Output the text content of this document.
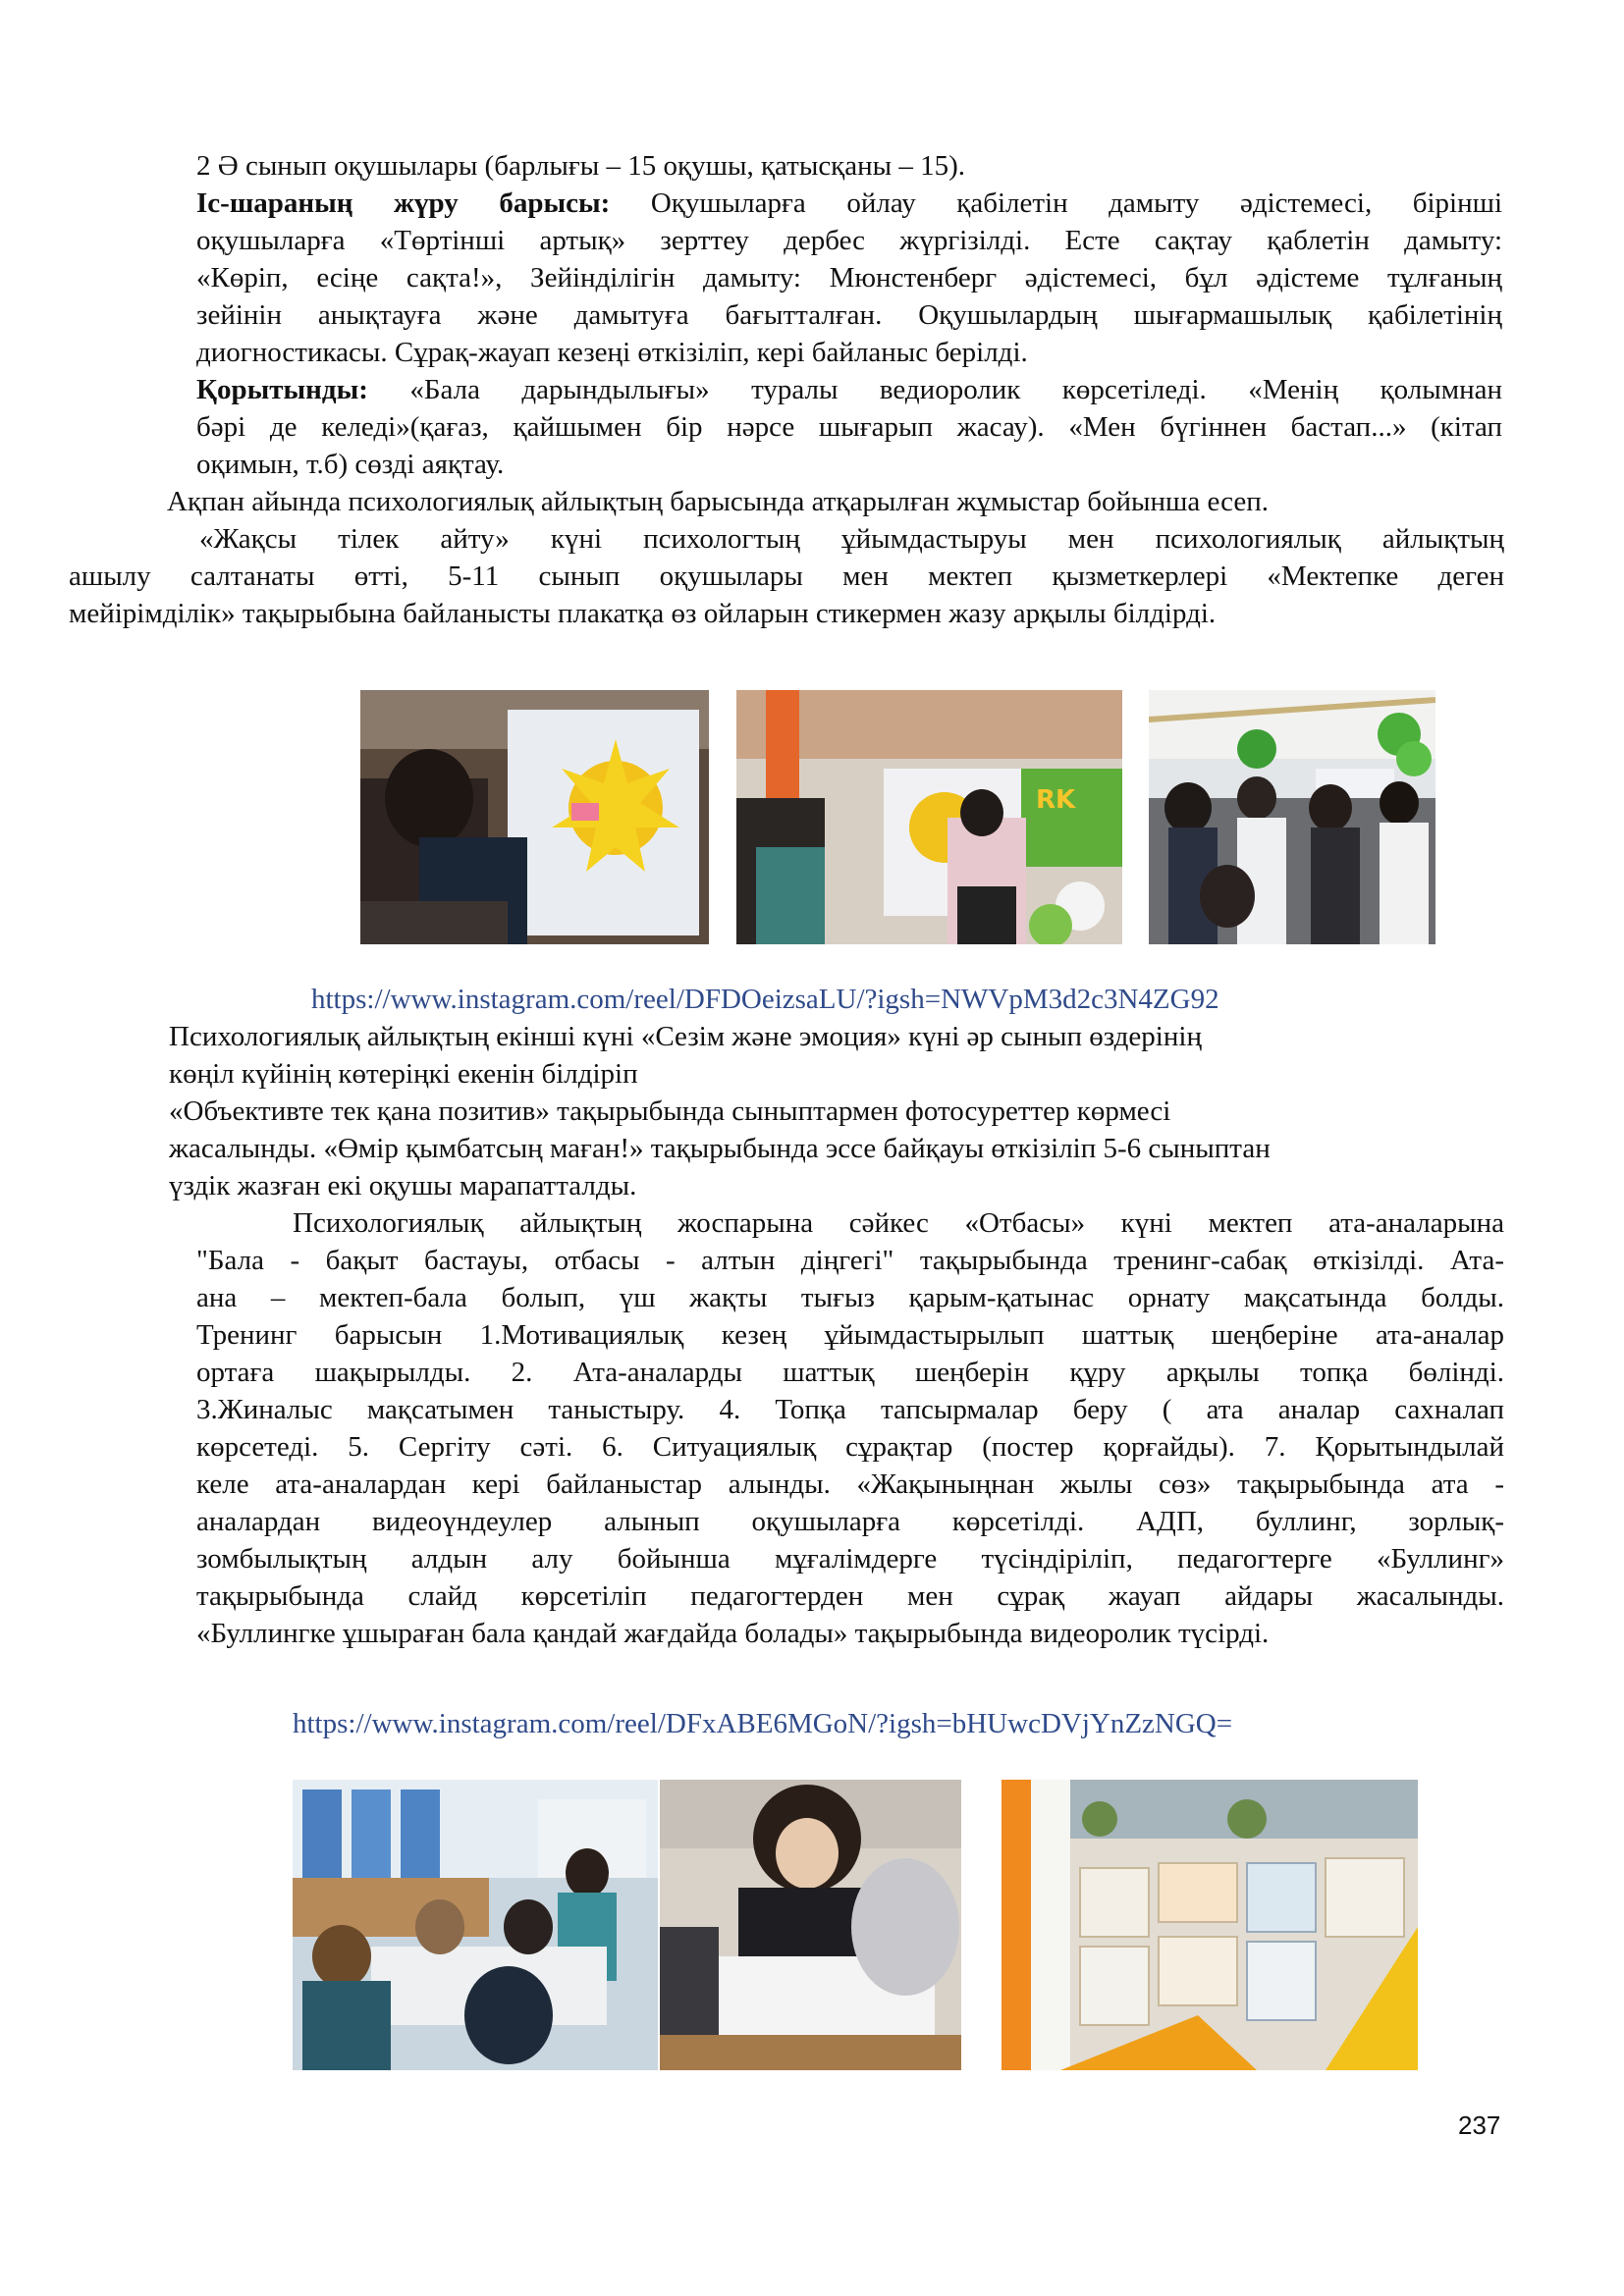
2 Ә сынып оқушылары (барлығы – 15 оқушы, қатысқаны – 15).

Іс-шараның жүру барысы: Оқушыларға ойлау қабілетін дамыту әдістемесі, бірінші
оқушыларға «Төртінші артық» зерттеу дербес жүргізілді. Есте сақтау қаблетін дамыту:
«Көріп, есіңе сақта!», Зейінділігін дамыту: Мюнстенберг әдістемесі, бұл әдістеме тұлғаның
зейінін анықтауға және дамытуға бағытталған. Оқушылардың шығармашылық қабілетінің
диогностикасы. Сұрақ-жауап кезеңі өткізіліп, кері байланыс берілді.

Қорытынды: «Бала дарындылығы» туралы ведиоролик көрсетіледі. «Менің қолымнан
бәрі де келеді»(қағаз, қайшымен бір нәрсе шығарып жасау). «Мен бүгіннен бастап...» (кітап
оқимын, т.б) сөзді аяқтау.

Ақпан айында психологиялық айлықтың барысында атқарылған жұмыстар бойынша есеп.

«Жақсы тілек айту» күні психологтың ұйымдастыруы мен психологиялық айлықтың
ашылу салтанаты өтті, 5-11 сынып оқушылары мен мектеп қызметкерлері «Мектепке деген
мейірімділік» тақырыбына байланысты плакатқа өз ойларын стикермен жазу арқылы білдірді.

RK
https://www.instagram.com/reel/DFDOeizsaLU/?igsh=NWVpM3d2c3N4ZG92

Психологиялық айлықтың екінші күні «Сезім және эмоция» күні әр сынып өздерінің
көңіл күйінің көтеріңкі екенін білдіріп
«Объективте тек қана позитив» тақырыбында сыныптармен фотосуреттер көрмесі
жасалынды. «Өмір қымбатсың маған!» тақырыбында эссе байқауы өткізіліп 5-6 сыныптан
үздік жазған екі оқушы марапатталды.

Психологиялық айлықтың жоспарына сәйкес «Отбасы» күні мектеп ата-аналарына
"Бала - бақыт бастауы, отбасы - алтын діңгегі" тақырыбында тренинг-сабақ өткізілді. Ата-
ана – мектеп-бала болып, үш жақты тығыз қарым-қатынас орнату мақсатында болды.
Тренинг барысын 1.Мотивациялық кезең ұйымдастырылып шаттық шеңберіне ата-аналар
ортаға шақырылды. 2. Ата-аналарды шаттық шеңберін құру арқылы топқа бөлінді.
3.Жиналыс мақсатымен таныстыру. 4. Топқа тапсырмалар беру ( ата аналар сахналап
көрсетеді. 5. Сергіту сәті. 6. Ситуациялық сұрақтар (постер қорғайды). 7. Қорытындылай
келе ата-аналардан кері байланыстар алынды. «Жақыныңнан жылы сөз» тақырыбында ата -
аналардан видеоүндеулер алынып оқушыларға көрсетілді. АДП, буллинг, зорлық-
зомбылықтың алдын алу бойынша мұғалімдерге түсіндіріліп, педагогтерге «Буллинг»
тақырыбында слайд көрсетіліп педагогтерден мен сұрақ жауап айдары жасалынды.
«Буллингке ұшыраған бала қандай жағдайда болады» тақырыбында видеоролик түсірді.

https://www.instagram.com/reel/DFxABE6MGoN/?igsh=bHUwcDVjYnZzNGQ=
237
